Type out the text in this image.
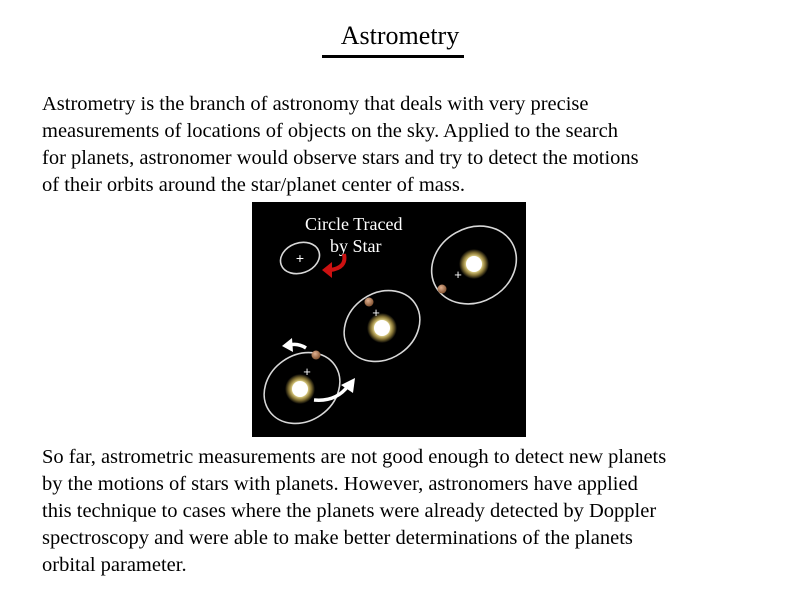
Astrometry

Astrometry is the branch of astronomy that deals with very precise
measurements of locations of objects on the sky. Applied to the search
for planets, astronomer would observe stars and try to detect the motions
of their orbits around the star/planet center of mass.

+
Circle Traced
by Star
+
+
+

So far, astrometric measurements are not good enough to detect new planets
by the motions of stars with planets. However, astronomers have applied
this technique to cases where the planets were already detected by Doppler
spectroscopy and were able to make better determinations of the planets
orbital parameter.
